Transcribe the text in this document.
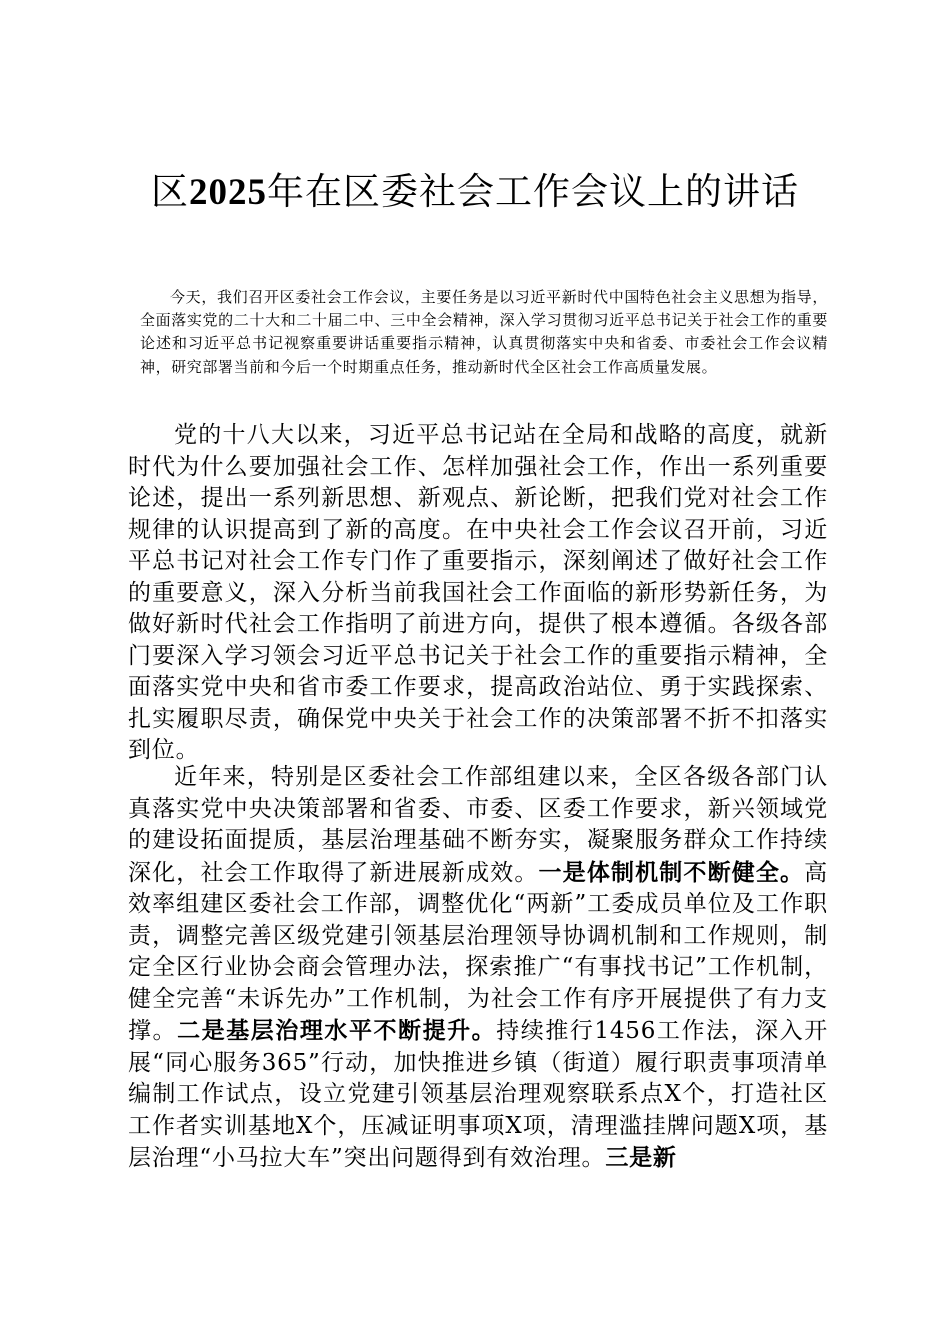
区2025年在区委社会工作会议上的讲话

今天，我们召开区委社会工作会议，主要任务是以习近平新时代中国特色社会主义思想为指导，全面落实党的二十大和二十届二中、三中全会精神，深入学习贯彻习近平总书记关于社会工作的重要论述和习近平总书记视察重要讲话重要指示精神，认真贯彻落实中央和省委、市委社会工作会议精神，研究部署当前和今后一个时期重点任务，推动新时代全区社会工作高质量发展。

党的十八大以来，习近平总书记站在全局和战略的高度，就新时代为什么要加强社会工作、怎样加强社会工作，作出一系列重要论述，提出一系列新思想、新观点、新论断，把我们党对社会工作规律的认识提高到了新的高度。在中央社会工作会议召开前，习近平总书记对社会工作专门作了重要指示，深刻阐述了做好社会工作的重要意义，深入分析当前我国社会工作面临的新形势新任务，为做好新时代社会工作指明了前进方向，提供了根本遵循。各级各部门要深入学习领会习近平总书记关于社会工作的重要指示精神，全面落实党中央和省市委工作要求，提高政治站位、勇于实践探索、扎实履职尽责，确保党中央关于社会工作的决策部署不折不扣落实到位。

近年来，特别是区委社会工作部组建以来，全区各级各部门认真落实党中央决策部署和省委、市委、区委工作要求，新兴领域党的建设拓面提质，基层治理基础不断夯实，凝聚服务群众工作持续深化，社会工作取得了新进展新成效。一是体制机制不断健全。高效率组建区委社会工作部，调整优化“两新”工委成员单位及工作职责，调整完善区级党建引领基层治理领导协调机制和工作规则，制定全区行业协会商会管理办法，探索推广“有事找书记”工作机制，健全完善“未诉先办”工作机制，为社会工作有序开展提供了有力支撑。二是基层治理水平不断提升。持续推行1456工作法，深入开展“同心服务365”行动，加快推进乡镇（街道）履行职责事项清单编制工作试点，设立党建引领基层治理观察联系点X个，打造社区工作者实训基地X个，压减证明事项X项，清理滥挂牌问题X项，基层治理“小马拉大车”突出问题得到有效治理。三是新
